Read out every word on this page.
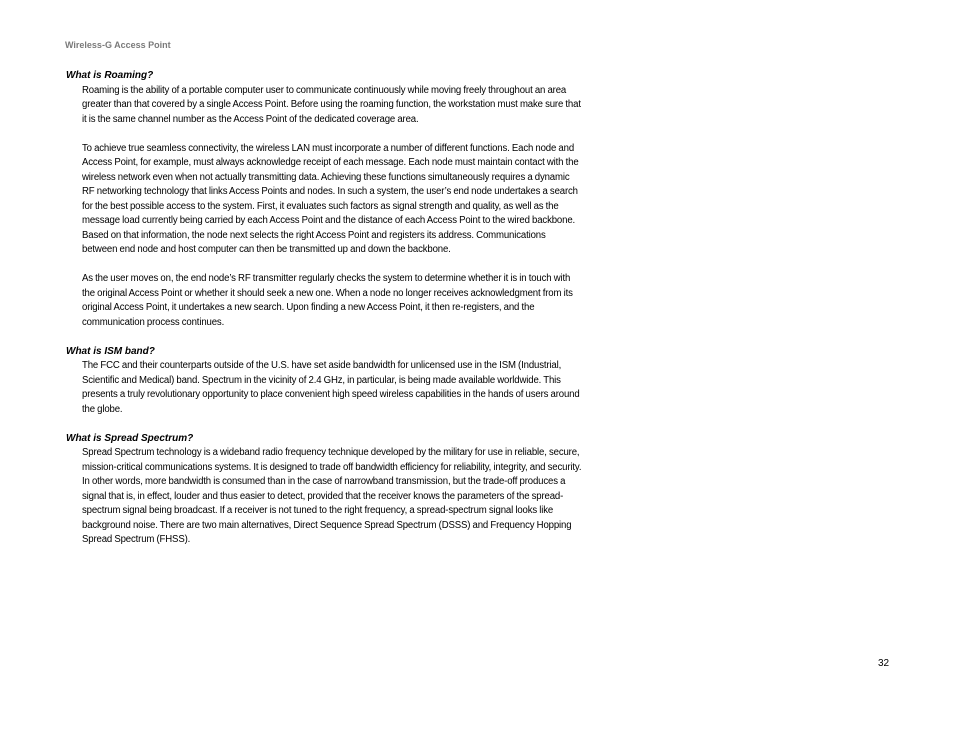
Wireless-G Access Point

What is Roaming?

Roaming is the ability of a portable computer user to communicate continuously while moving freely throughout an area greater than that covered by a single Access Point. Before using the roaming function, the workstation must make sure that it is the same channel number as the Access Point of the dedicated coverage area.

To achieve true seamless connectivity, the wireless LAN must incorporate a number of different functions. Each node and Access Point, for example, must always acknowledge receipt of each message. Each node must maintain contact with the wireless network even when not actually transmitting data. Achieving these functions simultaneously requires a dynamic RF networking technology that links Access Points and nodes. In such a system, the user’s end node undertakes a search for the best possible access to the system. First, it evaluates such factors as signal strength and quality, as well as the message load currently being carried by each Access Point and the distance of each Access Point to the wired backbone. Based on that information, the node next selects the right Access Point and registers its address. Communications between end node and host computer can then be transmitted up and down the backbone.

As the user moves on, the end node’s RF transmitter regularly checks the system to determine whether it is in touch with the original Access Point or whether it should seek a new one. When a node no longer receives acknowledgment from its original Access Point, it undertakes a new search. Upon finding a new Access Point, it then re-registers, and the communication process continues.

What is ISM band?

The FCC and their counterparts outside of the U.S. have set aside bandwidth for unlicensed use in the ISM (Industrial, Scientific and Medical) band. Spectrum in the vicinity of 2.4 GHz, in particular, is being made available worldwide. This presents a truly revolutionary opportunity to place convenient high speed wireless capabilities in the hands of users around the globe.

What is Spread Spectrum?

Spread Spectrum technology is a wideband radio frequency technique developed by the military for use in reliable, secure, mission-critical communications systems. It is designed to trade off bandwidth efficiency for reliability, integrity, and security. In other words, more bandwidth is consumed than in the case of narrowband transmission, but the trade-off produces a signal that is, in effect, louder and thus easier to detect, provided that the receiver knows the parameters of the spread-spectrum signal being broadcast. If a receiver is not tuned to the right frequency, a spread-spectrum signal looks like background noise. There are two main alternatives, Direct Sequence Spread Spectrum (DSSS) and Frequency Hopping Spread Spectrum (FHSS).

32
